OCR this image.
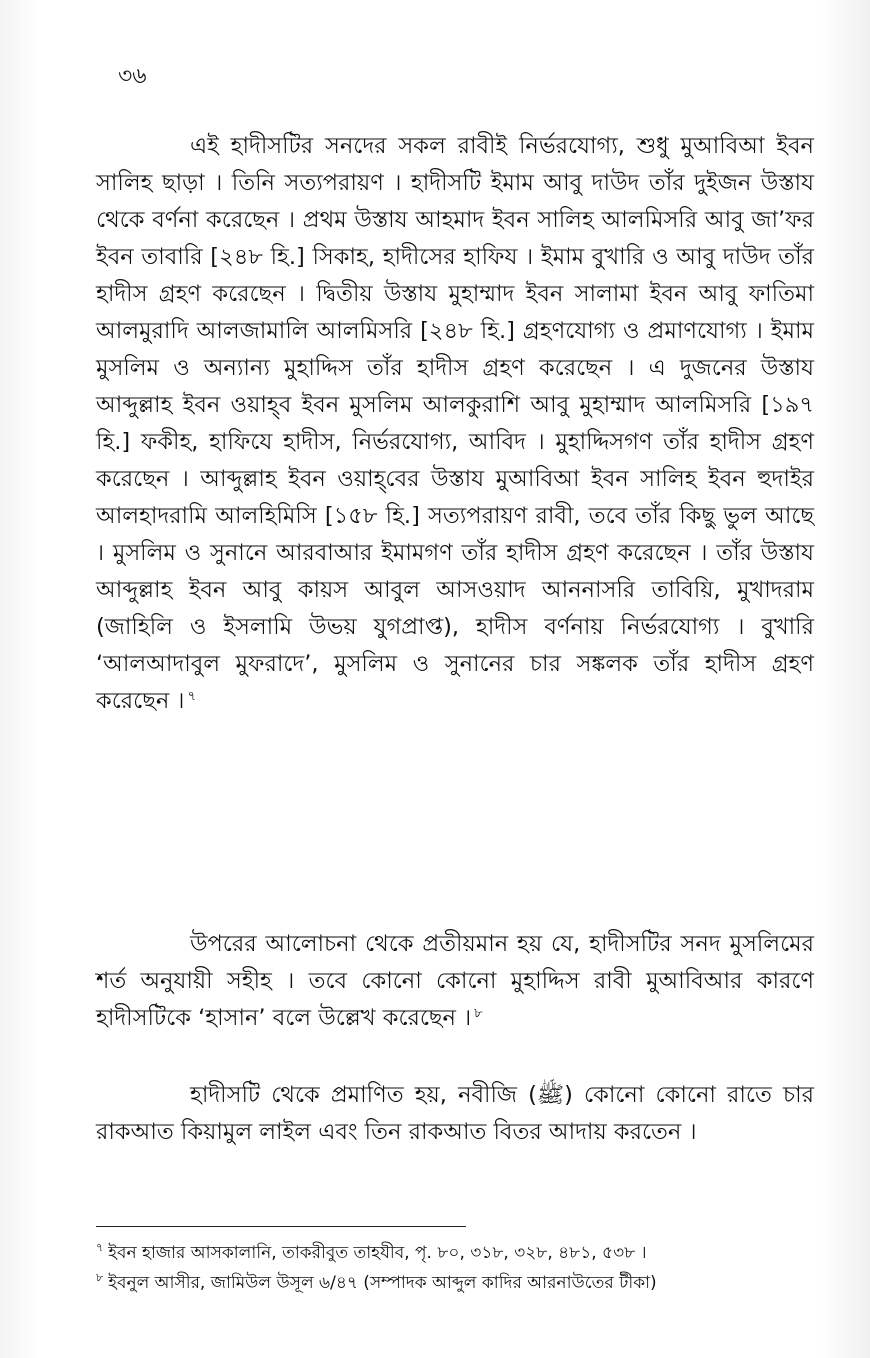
৩৬

এই হাদীসটির সনদের সকল রাবীই নির্ভরযোগ্য, শুধু মুআবিআ ইবন সালিহ ছাড়া । তিনি সত্যপরায়ণ । হাদীসটি ইমাম আবু দাউদ তাঁর দুইজন উস্তায থেকে বর্ণনা করেছেন । প্রথম উস্তায আহমাদ ইবন সালিহ আলমিসরি আবু জা’ফর ইবন তাবারি [২৪৮ হি.] সিকাহ, হাদীসের হাফিয । ইমাম বুখারি ও আবু দাউদ তাঁর হাদীস গ্রহণ করেছেন । দ্বিতীয় উস্তায মুহাম্মাদ ইবন সালামা ইবন আবু ফাতিমা আলমুরাদি আলজামালি আলমিসরি [২৪৮ হি.] গ্রহণযোগ্য ও প্রমাণযোগ্য । ইমাম মুসলিম ও অন্যান্য মুহাদ্দিস তাঁর হাদীস গ্রহণ করেছেন । এ দুজনের উস্তায আব্দুল্লাহ ইবন ওয়াহ্‌ব ইবন মুসলিম আলকুরাশি আবু মুহাম্মাদ আলমিসরি [১৯৭ হি.] ফকীহ, হাফিযে হাদীস, নির্ভরযোগ্য, আবিদ । মুহাদ্দিসগণ তাঁর হাদীস গ্রহণ করেছেন । আব্দুল্লাহ ইবন ওয়াহ্‌বের উস্তায মুআবিআ ইবন সালিহ ইবন হুদাইর আলহাদরামি আলহিমিসি [১৫৮ হি.] সত্যপরায়ণ রাবী, তবে তাঁর কিছু ভুল আছে । মুসলিম ও সুনানে আরবাআর ইমামগণ তাঁর হাদীস গ্রহণ করেছেন । তাঁর উস্তায আব্দুল্লাহ ইবন আবু কায়স আবুল আসওয়াদ আননাসরি তাবিয়ি, মুখাদরাম (জাহিলি ও ইসলামি উভয় যুগপ্রাপ্ত), হাদীস বর্ণনায় নির্ভরযোগ্য । বুখারি ‘আলআদাবুল মুফরাদে’, মুসলিম ও সুনানের চার সঙ্কলক তাঁর হাদীস গ্রহণ করেছেন । $^৭$

উপরের আলোচনা থেকে প্রতীয়মান হয় যে, হাদীসটির সনদ মুসলিমের শর্ত অনুযায়ী সহীহ । তবে কোনো কোনো মুহাদ্দিস রাবী মুআবিআর কারণে হাদীসটিকে ‘হাসান’ বলে উল্লেখ করেছেন । $^৮$

হাদীসটি থেকে প্রমাণিত হয়, নবীজি (ﷺ) কোনো কোনো রাতে চার রাকআত কিয়ামুল লাইল এবং তিন রাকআত বিতর আদায় করতেন ।

$^৭$ ইবন হাজার আসকালানি, তাকরীবুত তাহযীব, পৃ. ৮০, ৩১৮, ৩২৮, ৪৮১, ৫৩৮ ।
$^৮$ ইবনুল আসীর, জামিউল উসূল ৬/৪৭ (সম্পাদক আব্দুল কাদির আরনাউতের টীকা)
